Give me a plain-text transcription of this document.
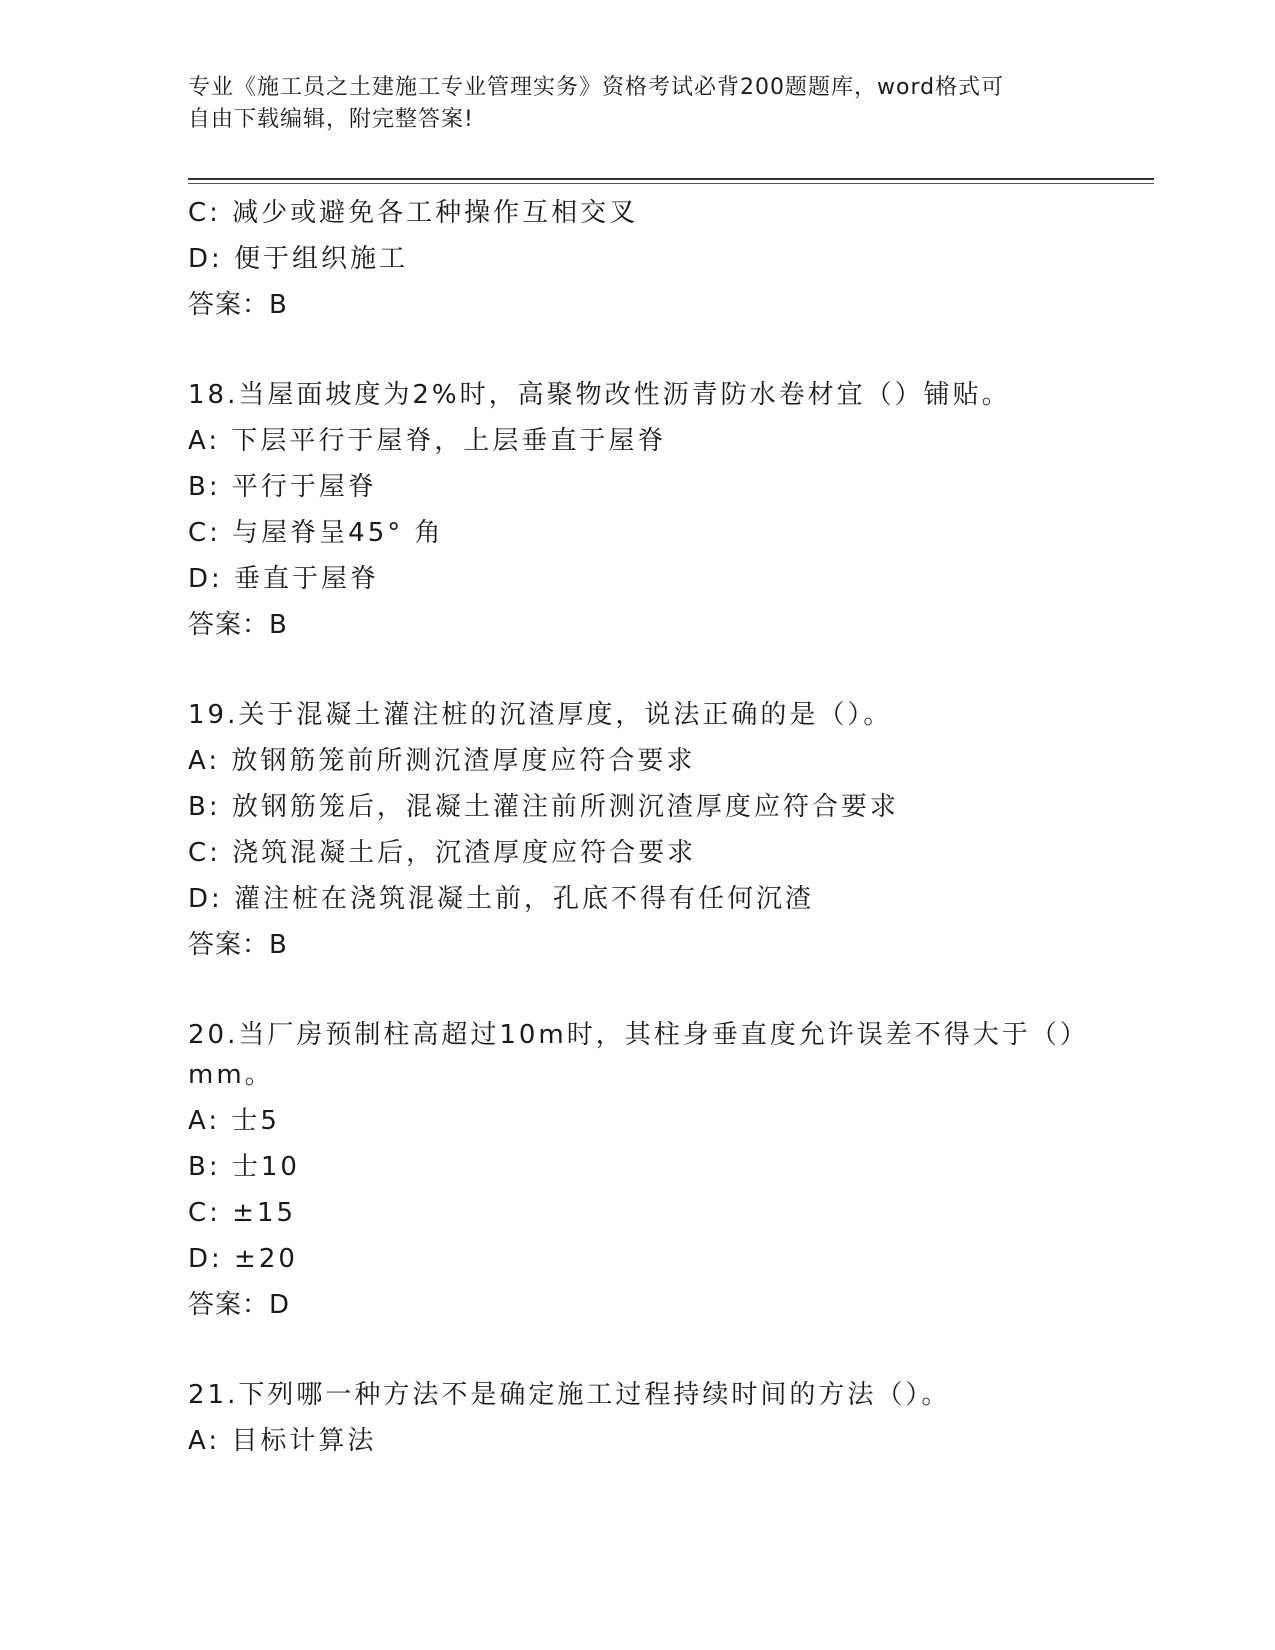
专业《施工员之土建施工专业管理实务》资格考试必背200题题库，word格式可
自由下载编辑，附完整答案!
C: 减少或避免各工种操作互相交叉
D: 便于组织施工
答案：B
18.当屋面坡度为2%时，高聚物改性沥青防水卷材宜（）铺贴。
A: 下层平行于屋脊，上层垂直于屋脊
B: 平行于屋脊
C: 与屋脊呈45° 角
D: 垂直于屋脊
答案：B
19.关于混凝土灌注桩的沉渣厚度，说法正确的是（）。
A: 放钢筋笼前所测沉渣厚度应符合要求
B: 放钢筋笼后，混凝土灌注前所测沉渣厚度应符合要求
C: 浇筑混凝土后，沉渣厚度应符合要求
D: 灌注桩在浇筑混凝土前，孔底不得有任何沉渣
答案：B
20.当厂房预制柱高超过10m时，其柱身垂直度允许误差不得大于（）
mm。
A: 士5
B: 士10
C: ±15
D: ±20
答案：D
21.下列哪一种方法不是确定施工过程持续时间的方法（）。
A: 目标计算法
